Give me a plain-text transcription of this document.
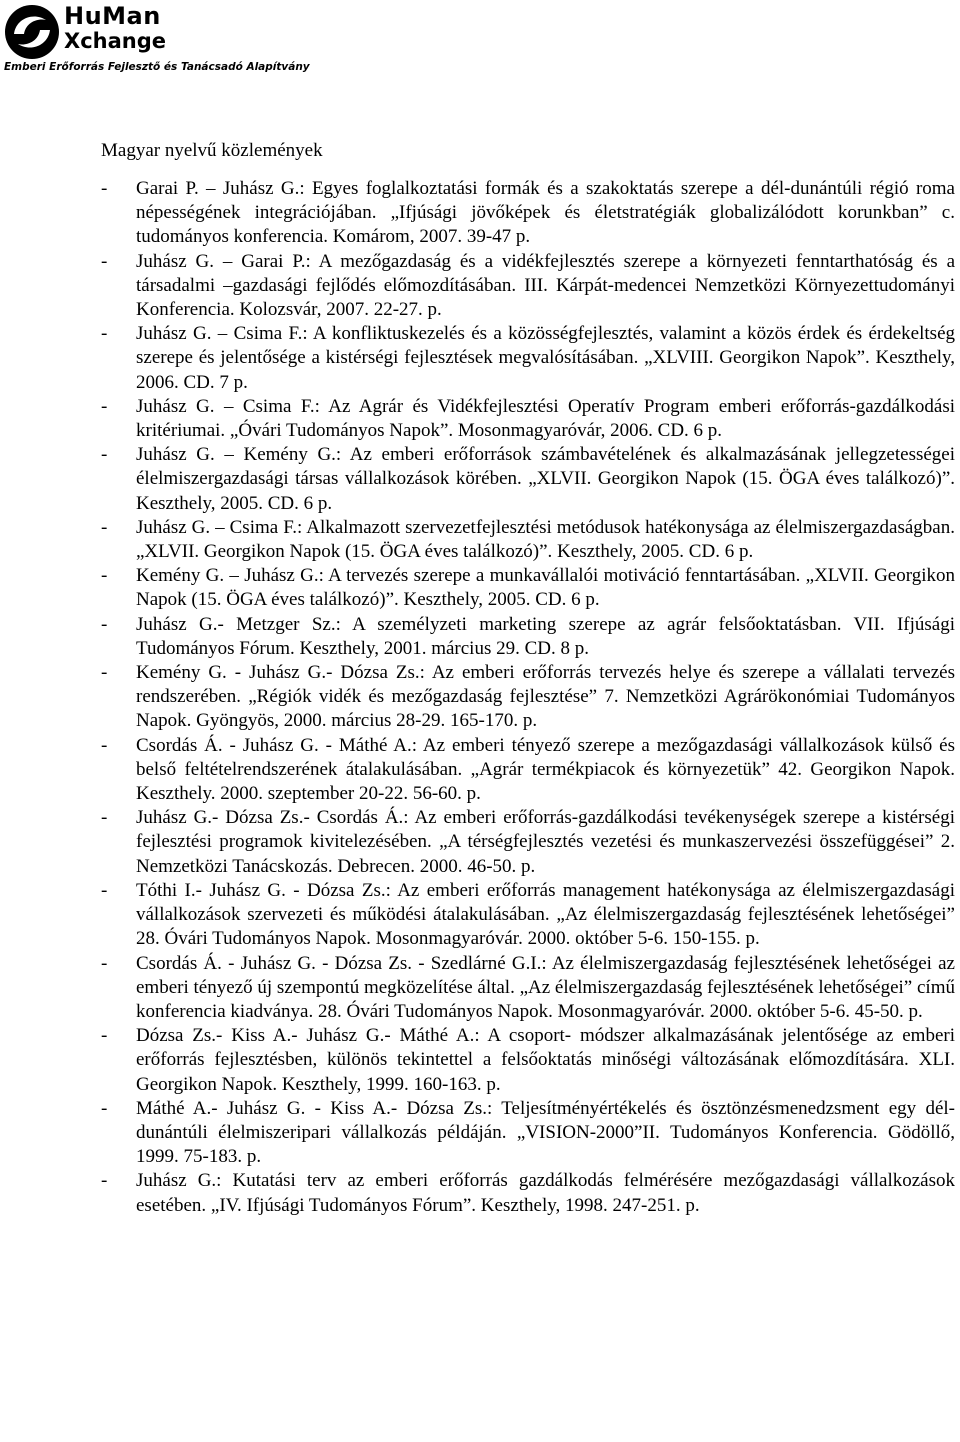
HuMan
Xchange
Emberi Erőforrás Fejlesztő és Tanácsadó Alapítvány
Magyar nyelvű közlemények
- Garai P. – Juhász G.: Egyes foglalkoztatási formák és a szakoktatás szerepe a dél-dunántúli régió roma népességének integrációjában. „Ifjúsági jövőképek és életstratégiák globalizálódott korunkban” c. tudományos konferencia. Komárom, 2007. 39-47 p.
- Juhász G. – Garai P.: A mezőgazdaság és a vidékfejlesztés szerepe a környezeti fenntarthatóság és a társadalmi –gazdasági fejlődés előmozdításában. III. Kárpát-medencei Nemzetközi Környezettudományi Konferencia. Kolozsvár, 2007. 22-27. p.
- Juhász G. – Csima F.: A konfliktuskezelés és a közösségfejlesztés, valamint a közös érdek és érdekeltség szerepe és jelentősége a kistérségi fejlesztések megvalósításában. „XLVIII. Georgikon Napok”. Keszthely, 2006. CD. 7 p.
- Juhász G. – Csima F.: Az Agrár és Vidékfejlesztési Operatív Program emberi erőforrás-gazdálkodási kritériumai. „Óvári Tudományos Napok”. Mosonmagyaróvár, 2006. CD. 6 p.
- Juhász G. – Kemény G.: Az emberi erőforrások számbavételének és alkalmazásának jellegzetességei élelmiszergazdasági társas vállalkozások körében. „XLVII. Georgikon Napok (15. ÖGA éves találkozó)”. Keszthely, 2005. CD. 6 p.
- Juhász G. – Csima F.: Alkalmazott szervezetfejlesztési metódusok hatékonysága az élelmiszergazdaságban. „XLVII. Georgikon Napok (15. ÖGA éves találkozó)”. Keszthely, 2005. CD. 6 p.
- Kemény G. – Juhász G.: A tervezés szerepe a munkavállalói motiváció fenntartásában. „XLVII. Georgikon Napok (15. ÖGA éves találkozó)”. Keszthely, 2005. CD. 6 p.
- Juhász G.- Metzger Sz.: A személyzeti marketing szerepe az agrár felsőoktatásban. VII. Ifjúsági Tudományos Fórum. Keszthely, 2001. március 29. CD. 8 p.
- Kemény G. - Juhász G.- Dózsa Zs.: Az emberi erőforrás tervezés helye és szerepe a vállalati tervezés rendszerében. „Régiók vidék és mezőgazdaság fejlesztése” 7. Nemzetközi Agrárökonómiai Tudományos Napok. Gyöngyös, 2000. március 28-29. 165-170. p.
- Csordás Á. - Juhász G. - Máthé A.: Az emberi tényező szerepe a mezőgazdasági vállalkozások külső és belső feltételrendszerének átalakulásában. „Agrár termékpiacok és környezetük” 42. Georgikon Napok. Keszthely. 2000. szeptember 20-22. 56-60. p.
- Juhász G.- Dózsa Zs.- Csordás Á.: Az emberi erőforrás-gazdálkodási tevékenységek szerepe a kistérségi fejlesztési programok kivitelezésében. „A térségfejlesztés vezetési és munkaszervezési összefüggései” 2. Nemzetközi Tanácskozás. Debrecen. 2000. 46-50. p.
- Tóthi I.- Juhász G. - Dózsa Zs.: Az emberi erőforrás management hatékonysága az élelmiszergazdasági vállalkozások szervezeti és működési átalakulásában. „Az élelmiszergazdaság fejlesztésének lehetőségei” 28. Óvári Tudományos Napok. Mosonmagyaróvár. 2000. október 5-6. 150-155. p.
- Csordás Á. - Juhász G. - Dózsa Zs. - Szedlárné G.I.: Az élelmiszergazdaság fejlesztésének lehetőségei az emberi tényező új szempontú megközelítése által. „Az élelmiszergazdaság fejlesztésének lehetőségei” című konferencia kiadványa. 28. Óvári Tudományos Napok. Mosonmagyaróvár. 2000. október 5-6. 45-50. p.
- Dózsa Zs.- Kiss A.- Juhász G.- Máthé A.: A csoport- módszer alkalmazásának jelentősége az emberi erőforrás fejlesztésben, különös tekintettel a felsőoktatás minőségi változásának előmozdítására. XLI. Georgikon Napok. Keszthely, 1999. 160-163. p.
- Máthé A.- Juhász G. - Kiss A.- Dózsa Zs.: Teljesítményértékelés és ösztönzésmenedzsment egy dél-dunántúli élelmiszeripari vállalkozás példáján. „VISION-2000”II. Tudományos Konferencia. Gödöllő, 1999. 75-183. p.
- Juhász G.: Kutatási terv az emberi erőforrás gazdálkodás felmérésére mezőgazdasági vállalkozások esetében. „IV. Ifjúsági Tudományos Fórum”. Keszthely, 1998. 247-251. p.
